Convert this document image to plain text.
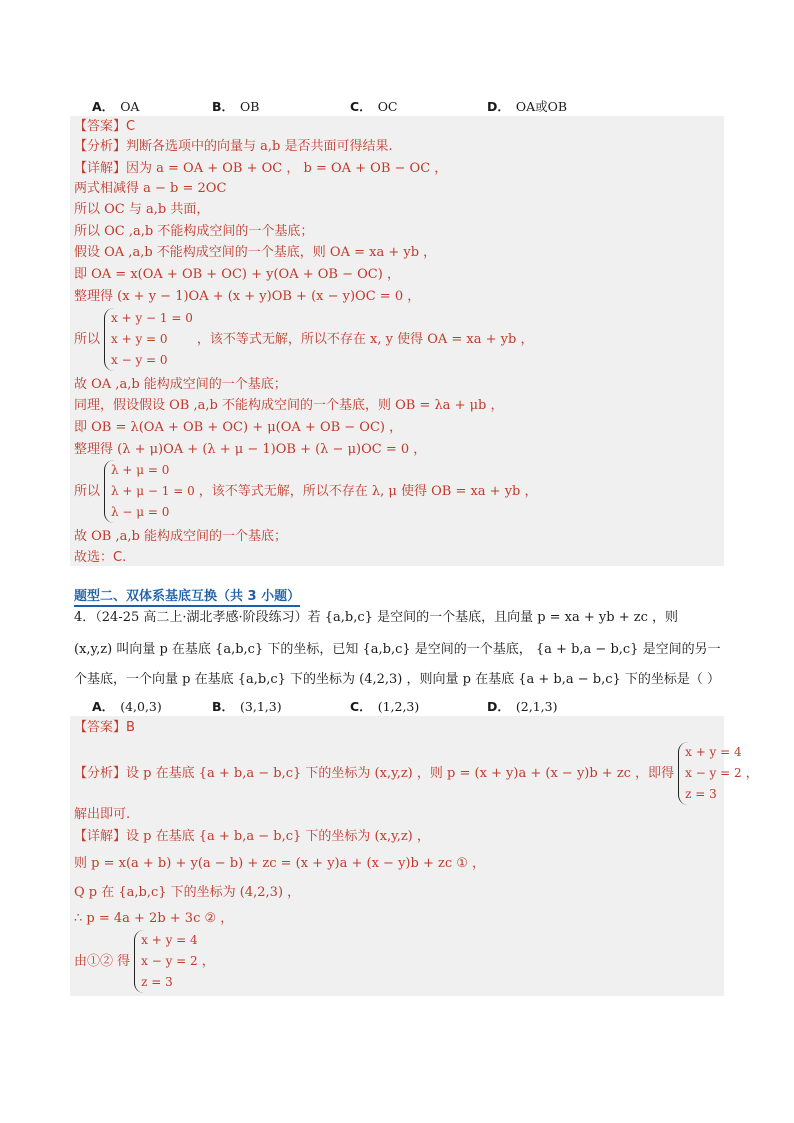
A． OA	B． OB	C． OC	D． OA或OB
【答案】C
【分析】判断各选项中的向量与 a,b 是否共面可得结果.
【详解】因为 a = OA + OB + OC ， b = OA + OB − OC ，
两式相减得 a − b = 2OC
所以 OC 与 a,b 共面，
所以 OC ,a,b 不能构成空间的一个基底；
假设 OA ,a,b 不能构成空间的一个基底，则 OA = xa + yb ，
即 OA = x(OA + OB + OC) + y(OA + OB − OC) ，
整理得 (x + y − 1)OA + (x + y)OB + (x − y)OC = 0 ，
所以
x + y − 1 = 0
x + y = 0
x − y = 0
，该不等式无解，所以不存在 x, y 使得 OA = xa + yb ，
故 OA ,a,b 能构成空间的一个基底；
同理，假设假设 OB ,a,b 不能构成空间的一个基底，则 OB = λa + μb ，
即 OB = λ(OA + OB + OC) + μ(OA + OB − OC) ，
整理得 (λ + μ)OA + (λ + μ − 1)OB + (λ − μ)OC = 0 ，
所以
λ + μ = 0
λ + μ − 1 = 0
λ − μ = 0
，该不等式无解，所以不存在 λ, μ 使得 OB = xa + yb ，
故 OB ,a,b 能构成空间的一个基底；
故选：C.
题型二、双体系基底互换（共 3 小题）
4．（24-25 高二上·湖北孝感·阶段练习）若 {a,b,c} 是空间的一个基底，且向量 p = xa + yb + zc ，则
(x,y,z) 叫向量 p 在基底 {a,b,c} 下的坐标，已知 {a,b,c} 是空间的一个基底， {a + b,a − b,c} 是空间的另一
个基底，一个向量 p 在基底 {a,b,c} 下的坐标为 (4,2,3) ，则向量 p 在基底 {a + b,a − b,c} 下的坐标是（ ）
A． (4,0,3)	B． (3,1,3)	C． (1,2,3)	D． (2,1,3)
【答案】B
【分析】设 p 在基底 {a + b,a − b,c} 下的坐标为 (x,y,z) ，则 p = (x + y)a + (x − y)b + zc ，即得
x + y = 4
x − y = 2
z = 3
，
解出即可.
【详解】设 p 在基底 {a + b,a − b,c} 下的坐标为 (x,y,z) ，
则 p = x(a + b) + y(a − b) + zc = (x + y)a + (x − y)b + zc ① ，
Q p 在 {a,b,c} 下的坐标为 (4,2,3) ，
∴ p = 4a + 2b + 3c ② ，
由①② 得
x + y = 4
x − y = 2
z = 3
，
